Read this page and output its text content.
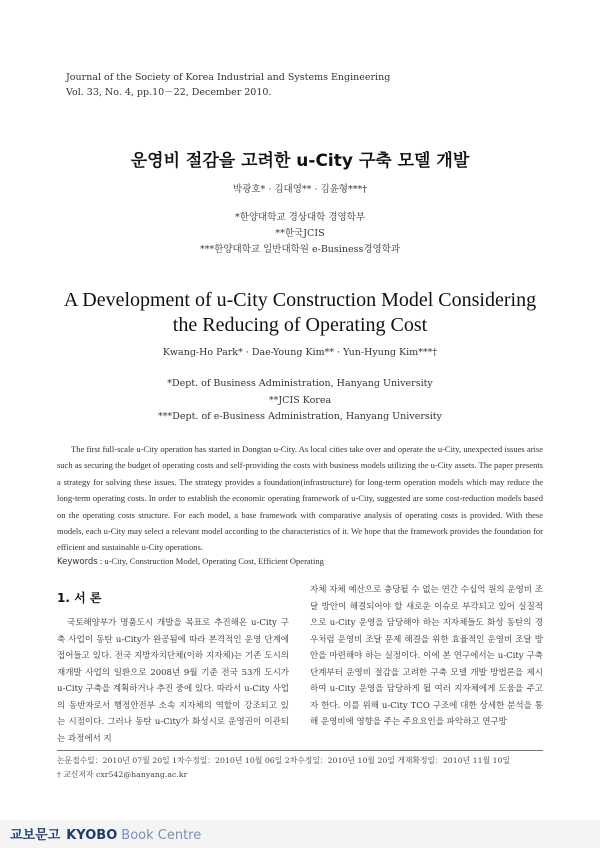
Journal of the Society of Korea Industrial and Systems Engineering
Vol. 33, No. 4, pp.10－22, December 2010.
운영비 절감을 고려한 u-City 구축 모델 개발
박광호* · 김대영** · 김윤형***†
*한양대학교 경상대학 경영학부
**한국JCIS
***한양대학교 일반대학원 e-Business경영학과
A Development of u-City Construction Model Considering
the Reducing of Operating Cost
Kwang-Ho Park* · Dae-Young Kim** · Yun-Hyung Kim***†
*Dept. of Business Administration, Hanyang University
**JCIS Korea
***Dept. of e-Business Administration, Hanyang University
The first full-scale u-City operation has started in Dongtan u-City. As local cities take over and operate the u-City, unexpected issues arise such as securing the budget of operating costs and self-providing the costs with business models utilizing the u-City assets. The paper presents a strategy for solving these issues. The strategy provides a foundation(infrastructure) for long-term operation models which may reduce the long-term operating costs. In order to establish the economic operating framework of u-City, suggested are some cost-reduction models based on the operating costs structure. For each model, a base framework with comparative analysis of operating costs is provided. With these models, each u-City may select a relevant model according to the characteristics of it. We hope that the framework provides the foundation for efficient and sustainable u-City operations.
Keywords : u-City, Construction Model, Operating Cost, Efficient Operating
1. 서 론
국토해양부가 명품도시 개발을 목표로 추진해온 u-City 구축 사업이 동탄 u-City가 완공됨에 따라 본격적인 운영 단계에 접어들고 있다. 전국 지방자치단체(이하 지자체)는 기존 도시의 재개발 사업의 일환으로 2008년 9월 기준 전국 53개 도시가 u-City 구축을 계획하거나 추진 중에 있다. 따라서 u-City 사업의 동반자로서 행정안전부 소속 지자체의 역할이 강조되고 있는 시점이다. 그러나 동탄 u-City가 화성시로 운영권이 이관되는 과정에서 지
자체 자체 예산으로 충당될 수 없는 연간 수십억 원의 운영비 조달 방안이 해결되어야 할 새로운 이슈로 부각되고 있어 실질적으로 u-City 운영을 담당해야 하는 지자체들도 화성 동탄의 경우처럼 운영비 조달 문제 해결을 위한 효율적인 운영비 조달 방안을 마련해야 하는 실정이다. 이에 본 연구에서는 u-City 구축 단계부터 운영비 절감을 고려한 구축 모델 개발 방법론을 제시하여 u-City 운영을 담당하게 될 여러 지자체에게 도움을 주고자 한다. 이를 위해 u-City TCO 구조에 대한 상세한 분석을 통해 운영비에 영향을 주는 주요요인을 파악하고 연구방
논문접수일：2010년 07월 20일 1차수정일：2010년 10월 06일 2차수정일：2010년 10월 20일 게재확정일：2010년 11월 10일
† 교신저자 cxr542@hanyang.ac.kr
교보문고 KYOBO Book Centre
